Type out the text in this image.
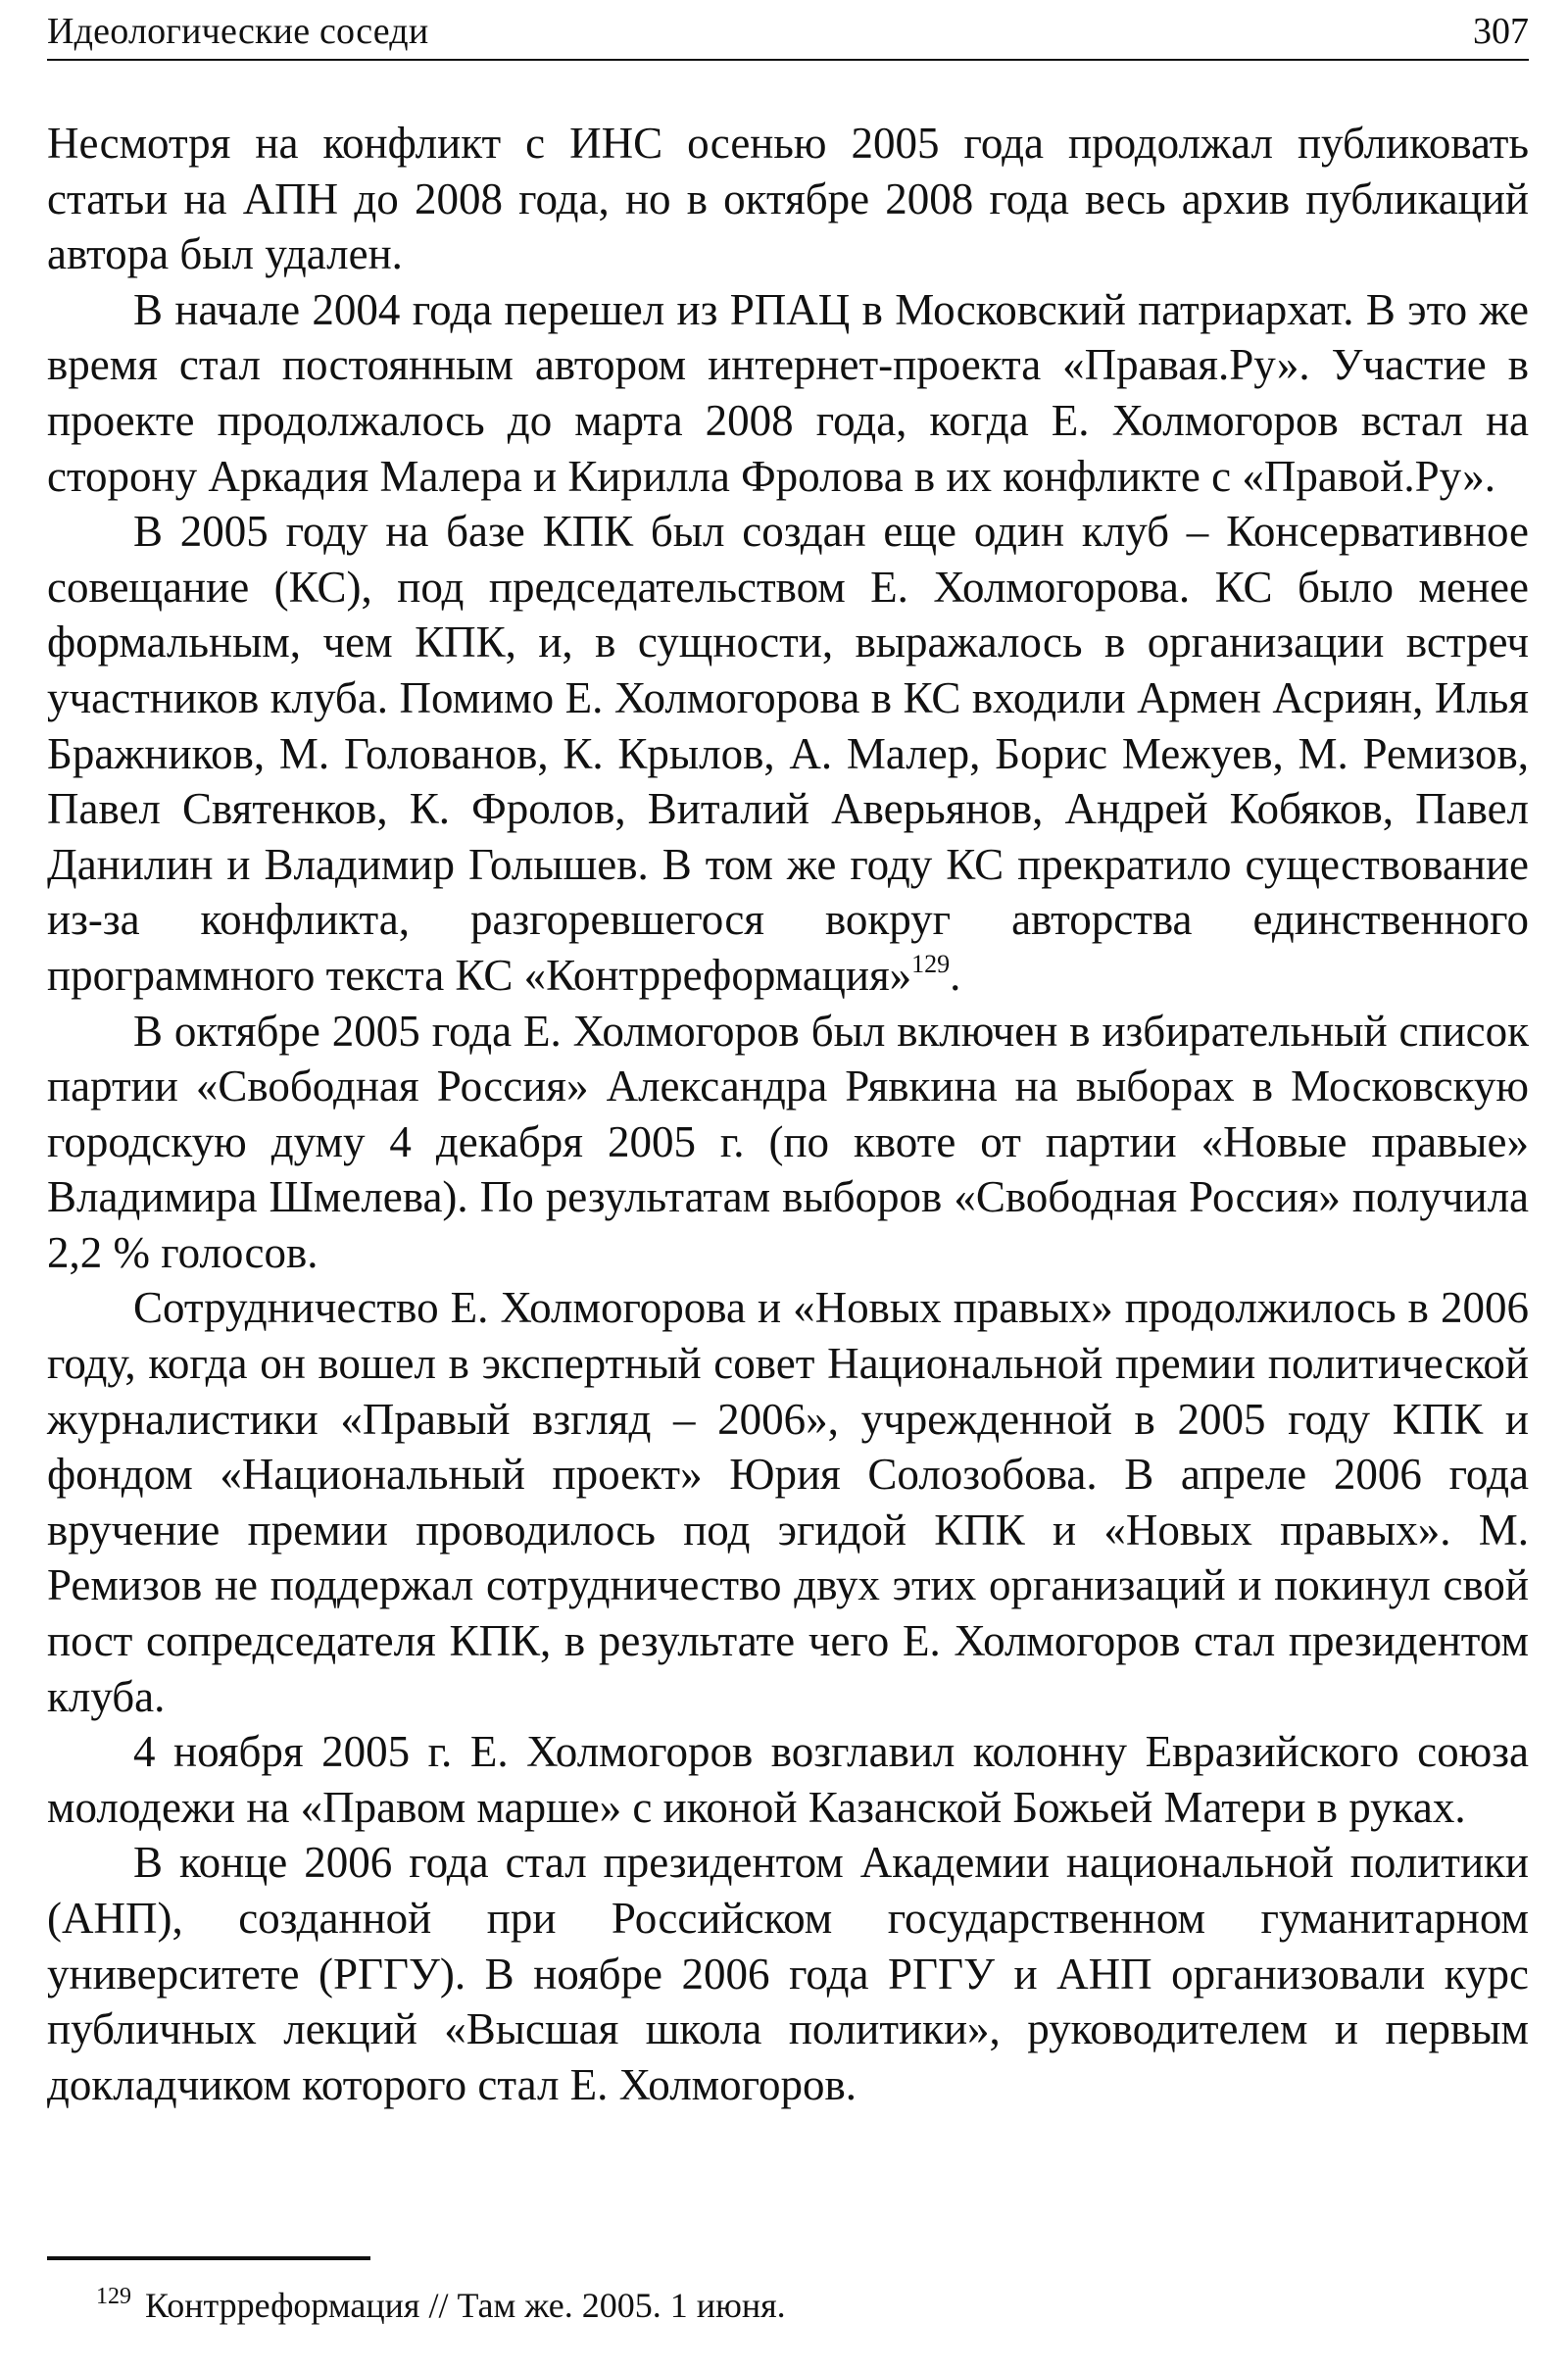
Идеологические соседи	307

Несмотря на конфликт с ИНС осенью 2005 года продолжал публиковать статьи на АПН до 2008 года, но в октябре 2008 года весь архив публикаций автора был удален.

В начале 2004 года перешел из РПАЦ в Московский патриархат. В это же время стал постоянным автором интернет-проекта «Правая.Ру». Участие в проекте продолжалось до марта 2008 года, когда Е. Холмогоров встал на сторону Аркадия Малера и Кирилла Фролова в их конфликте с «Правой.Ру».

В 2005 году на базе КПК был создан еще один клуб – Консервативное совещание (КС), под председательством Е. Холмогорова. КС было менее формальным, чем КПК, и, в сущности, выражалось в организации встреч участников клуба. Помимо Е. Холмогорова в КС входили Армен Асриян, Илья Бражников, М. Голованов, К. Крылов, А. Малер, Борис Межуев, М. Ремизов, Павел Святенков, К. Фролов, Виталий Аверьянов, Андрей Кобяков, Павел Данилин и Владимир Голышев. В том же году КС прекратило существование из-за конфликта, разгоревшегося вокруг авторства единственного программного текста КС «Контрреформация»$^{129}$.

В октябре 2005 года Е. Холмогоров был включен в избирательный список партии «Свободная Россия» Александра Рявкина на выборах в Московскую городскую думу 4 декабря 2005 г. (по квоте от партии «Новые правые» Владимира Шмелева). По результатам выборов «Свободная Россия» получила 2,2 % голосов.

Сотрудничество Е. Холмогорова и «Новых правых» продолжилось в 2006 году, когда он вошел в экспертный совет Национальной премии политической журналистики «Правый взгляд – 2006», учрежденной в 2005 году КПК и фондом «Национальный проект» Юрия Солозобова. В апреле 2006 года вручение премии проводилось под эгидой КПК и «Новых правых». М. Ремизов не поддержал сотрудничество двух этих организаций и покинул свой пост сопредседателя КПК, в результате чего Е. Холмогоров стал президентом клуба.

4 ноября 2005 г. Е. Холмогоров возглавил колонну Евразийского союза молодежи на «Правом марше» с иконой Казанской Божьей Матери в руках.

В конце 2006 года стал президентом Академии национальной политики (АНП), созданной при Российском государственном гуманитарном университете (РГГУ). В ноябре 2006 года РГГУ и АНП организовали курс публичных лекций «Высшая школа политики», руководителем и первым докладчиком которого стал Е. Холмогоров.

$^{129}$ Контрреформация // Там же. 2005. 1 июня.
